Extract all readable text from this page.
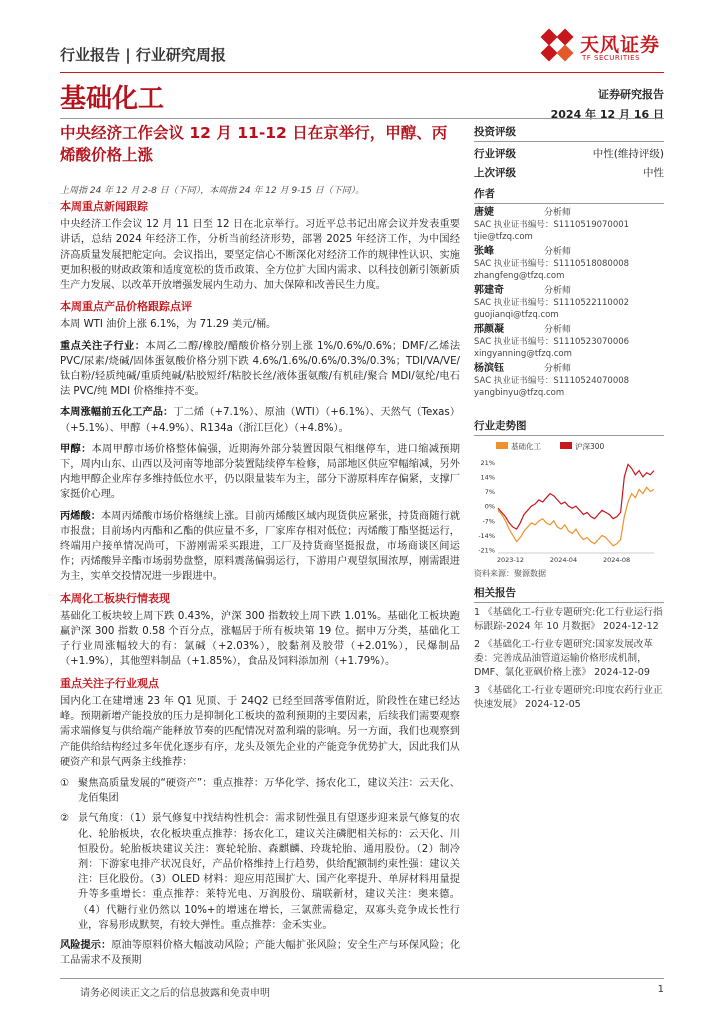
行业报告 | 行业研究周报	天风证券
TF SECURITIES
基础化工	证券研究报告
2024 年 12 月 16 日
中央经济工作会议 12 月 11-12 日在京举行，甲醇、丙烯酸价格上涨
投资评级
行业评级	中性(维持评级)
上次评级	中性
上周指 24 年 12 月 2-8 日（下同），本周指 24 年 12 月 9-15 日（下同）。
本周重点新闻跟踪
中央经济工作会议 12 月 11 日至 12 日在北京举行。习近平总书记出席会议并发表重要讲话，总结 2024 年经济工作，分析当前经济形势，部署 2025 年经济工作，为中国经济高质量发展把舵定向。会议指出，要坚定信心不断深化对经济工作的规律性认识、实施更加积极的财政政策和适度宽松的货币政策、全方位扩大国内需求、以科技创新引领新质生产力发展、以改革开放增强发展内生动力、加大保障和改善民生力度。
本周重点产品价格跟踪点评
本周 WTI 油价上涨 6.1%，为 71.29 美元/桶。
重点关注子行业：本周乙二醇/橡胶/醋酸价格分别上涨 1%/0.6%/0.6%；DMF/乙烯法 PVC/尿素/烧碱/固体蛋氨酸价格分别下跌 4.6%/1.6%/0.6%/0.3%/0.3%；TDI/VA/VE/钛白粉/轻质纯碱/重质纯碱/粘胶短纤/粘胶长丝/液体蛋氨酸/有机硅/聚合 MDI/氨纶/电石法 PVC/纯 MDI 价格维持不变。
本周涨幅前五化工产品：丁二烯（+7.1%）、原油（WTI）（+6.1%）、天然气（Texas）（+5.1%）、甲醇（+4.9%）、R134a（浙江巨化）（+4.8%）。
甲醇：本周甲醇市场价格整体偏强，近期海外部分装置因限气相继停车，进口缩减预期下，周内山东、山西以及河南等地部分装置陆续停车检修，局部地区供应窄幅缩减，另外内地甲醇企业库存多维持低位水平，仍以限量装车为主，部分下游原料库存偏紧，支撑厂家挺价心理。
丙烯酸：本周丙烯酸市场价格继续上涨。目前丙烯酸区域内现货供应紧张，持货商随行就市报盘；目前场内丙酯和乙酯的供应量不多，厂家库存相对低位；丙烯酸丁酯坚挺运行，终端用户接单情况尚可，下游刚需采买跟进，工厂及持货商坚挺报盘，市场商谈区间运作；丙烯酸异辛酯市场弱势盘整，原料震荡偏弱运行，下游用户观望氛围浓厚，刚需跟进为主，实单交投情况进一步跟进中。
本周化工板块行情表现
基础化工板块较上周下跌 0.43%，沪深 300 指数较上周下跌 1.01%。基础化工板块跑赢沪深 300 指数 0.58 个百分点，涨幅居于所有板块第 19 位。据申万分类，基础化工子行业周涨幅较大的有：氯碱（+2.03%），胶黏剂及胶带（+2.01%），民爆制品（+1.9%），其他塑料制品（+1.85%），食品及饲料添加剂（+1.79%）。
重点关注子行业观点
国内化工在建增速 23 年 Q1 见顶、于 24Q2 已经至回落零值附近，阶段性在建已经达峰。预期新增产能投放的压力是抑制化工板块的盈利预期的主要因素，后续我们需要观察需求端修复与供给端产能释放节奏的匹配情况对盈利端的影响。另一方面，我们也观察到产能供给结构经过多年优化逐步有序，龙头及领先企业的产能竞争优势扩大，因此我们从硬资产和景气两条主线推荐：
① 聚焦高质量发展的“硬资产”：重点推荐：万华化学、扬农化工，建议关注：云天化、龙佰集团
② 景气角度：（1）景气修复中找结构性机会：需求韧性强且有望逐步迎来景气修复的农化、轮胎板块，农化板块重点推荐：扬农化工，建议关注磷肥相关标的：云天化、川恒股份。轮胎板块建议关注：赛轮轮胎、森麒麟、玲珑轮胎、通用股份。（2）制冷剂：下游家电排产状况良好，产品价格维持上行趋势，供给配额制约束性强：建议关注：巨化股份。（3）OLED 材料：迎应用范围扩大、国产化率提升、单屏材料用量提升等多重增长：重点推荐：莱特光电、万润股份、瑞联新材，建议关注：奥来德。（4）代糖行业仍然以 10%+的增速在增长，三氯蔗需稳定，双寡头竞争成长性行业，容易形成默契，有较大弹性。重点推荐：金禾实业。
风险提示：原油等原料价格大幅波动风险；产能大幅扩张风险；安全生产与环保风险；化工品需求不及预期
作者
唐婕	分析师
SAC 执业证书编号：S1110519070001
tjie@tfzq.com
张峰	分析师
SAC 执业证书编号：S1110518080008
zhangfeng@tfzq.com
郭建奇	分析师
SAC 执业证书编号：S1110522110002
guojianqi@tfzq.com
邢颜凝	分析师
SAC 执业证书编号：S1110523070006
xingyanning@tfzq.com
杨滨钰	分析师
SAC 执业证书编号：S1110524070008
yangbinyu@tfzq.com
行业走势图
基础化工	沪深300
21%
14%
7%
0%
-7%
-14%
-21%
2023-12	2024-04	2024-08
资料来源：聚源数据
相关报告
1 《基础化工-行业专题研究:化工行业运行指标跟踪-2024 年 10 月数据》 2024-12-12
2 《基础化工-行业专题研究:国家发展改革委：完善成品油管道运输价格形成机制，DMF、氯化亚砜价格上涨》 2024-12-09
3 《基础化工-行业专题研究:印度农药行业正快速发展》 2024-12-05
请务必阅读正文之后的信息披露和免责申明	1
